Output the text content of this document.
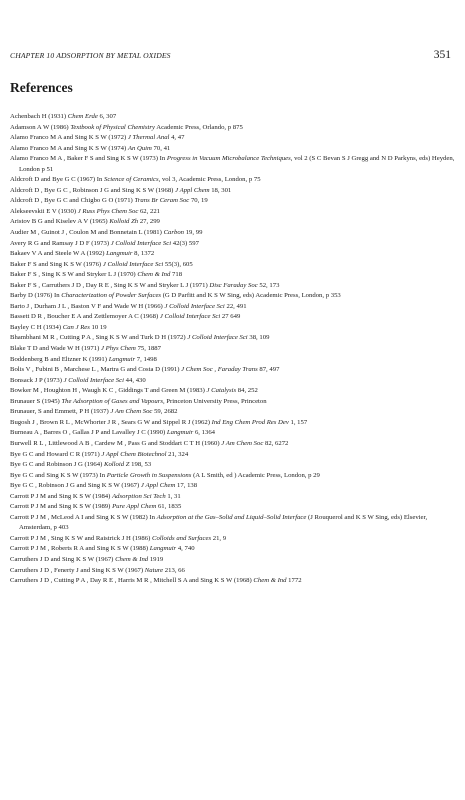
CHAPTER 10 ADSORPTION BY METAL OXIDES	351
References
Achenbach H (1931) Chem Erde 6, 307
Adamson A W (1986) Textbook of Physical Chemistry Academic Press, Orlando, p 875
Alamo Franco M A and Sing K S W (1972) J Thermal Anal 4, 47
Alamo Franco M A and Sing K S W (1974) An Quim 70, 41
Alamo Franco M A , Baker F S and Sing K S W (1973) In Progress in Vacuum Microbalance Techniques, vol 2 (S C Bevan S J Gregg and N D Parkyns, eds) Heyden, London p 51
Aldcroft D and Bye G C (1967) In Science of Ceramics, vol 3, Academic Press, London, p 75
Aldcroft D , Bye G C , Robinson J G and Sing K S W (1968) J Appl Chem 18, 301
Aldcroft D , Bye G C and Chigbo G O (1971) Trans Br Ceram Soc 70, 19
Alekseevskii E V (1930) J Russ Phys Chem Soc 62, 221
Aristov B G and Kiselev A V (1965) Kolloid Zh 27, 299
Audier M , Guinot J , Coulon M and Bonnetain L (1981) Carbon 19, 99
Avery R G and Ramsay J D F (1973) J Colloid Interface Sci 42(3) 597
Bakaev V A and Steele W A (1992) Langmuir 8, 1372
Baker F S and Sing K S W (1976) J Colloid Interface Sci 55(3), 605
Baker F S , Sing K S W and Stryker L J (1970) Chem & Ind 718
Baker F S , Carruthers J D , Day R E , Sing K S W and Stryker L J (1971) Disc Faraday Soc 52, 173
Barby D (1976) In Characterization of Powder Surfaces (G D Parfitt and K S W Sing, eds) Academic Press, London, p 353
Barto J , Durham J L , Baston V F and Wade W H (1966) J Colloid Interface Sci 22, 491
Bassett D R , Boucher E A and Zettlemoyer A C (1968) J Colloid Interface Sci 27 649
Bayley C H (1934) Can J Res 10 19
Bhambhani M R , Cutting P A , Sing K S W and Turk D H (1972) J Colloid Interface Sci 38, 109
Blake T D and Wade W H (1971) J Phys Chem 75, 1887
Boddenberg B and Eltzner K (1991) Langmuir 7, 1498
Bolis V , Fubini B , Marchese L , Martra G and Costa D (1991) J Chem Soc , Faraday Trans 87, 497
Bonsack J P (1973) J Colloid Interface Sci 44, 430
Bowker M , Houghton H , Waugh K C , Giddings T and Green M (1983) J Catalysis 84, 252
Brunauer S (1945) The Adsorption of Gases and Vapours, Princeton University Press, Princeton
Brunauer, S and Emmett, P H (1937) J Am Chem Soc 59, 2682
Bugosh J , Brown R L , McWhorter J R , Sears G W and Sippel R J (1962) Ind Eng Chem Prod Res Dev 1, 157
Burneau A , Barres O , Gallas J P and Lavalley J C (1990) Langmuir 6, 1364
Burwell R L , Littlewood A B , Cardew M , Pass G and Stoddart C T H (1960) J Am Chem Soc 82, 6272
Bye G C and Howard C R (1971) J Appl Chem Biotechnol 21, 324
Bye G C and Robinson J G (1964) Kolloid Z 198, 53
Bye G C and Sing K S W (1973) In Particle Growth in Suspensions (A L Smith, ed ) Academic Press, London, p 29
Bye G C , Robinson J G and Sing K S W (1967) J Appl Chem 17, 138
Carrott P J M and Sing K S W (1984) Adsorption Sci Tech 1, 31
Carrott P J M and Sing K S W (1989) Pure Appl Chem 61, 1835
Carrott P J M , McLeod A I and Sing K S W (1982) In Adsorption at the Gas–Solid and Liquid–Solid Interface (J Rouquerol and K S W Sing, eds) Elsevier, Amsterdam, p 403
Carrott P J M , Sing K S W and Raistrick J H (1986) Colloids and Surfaces 21, 9
Carrott P J M , Roberts R A and Sing K S W (1988) Langmuir 4, 740
Carruthers J D and Sing K S W (1967) Chem & Ind 1919
Carruthers J D , Fenerty J and Sing K S W (1967) Nature 213, 66
Carruthers J D , Cutting P A , Day R E , Harris M R , Mitchell S A and Sing K S W (1968) Chem & Ind 1772
